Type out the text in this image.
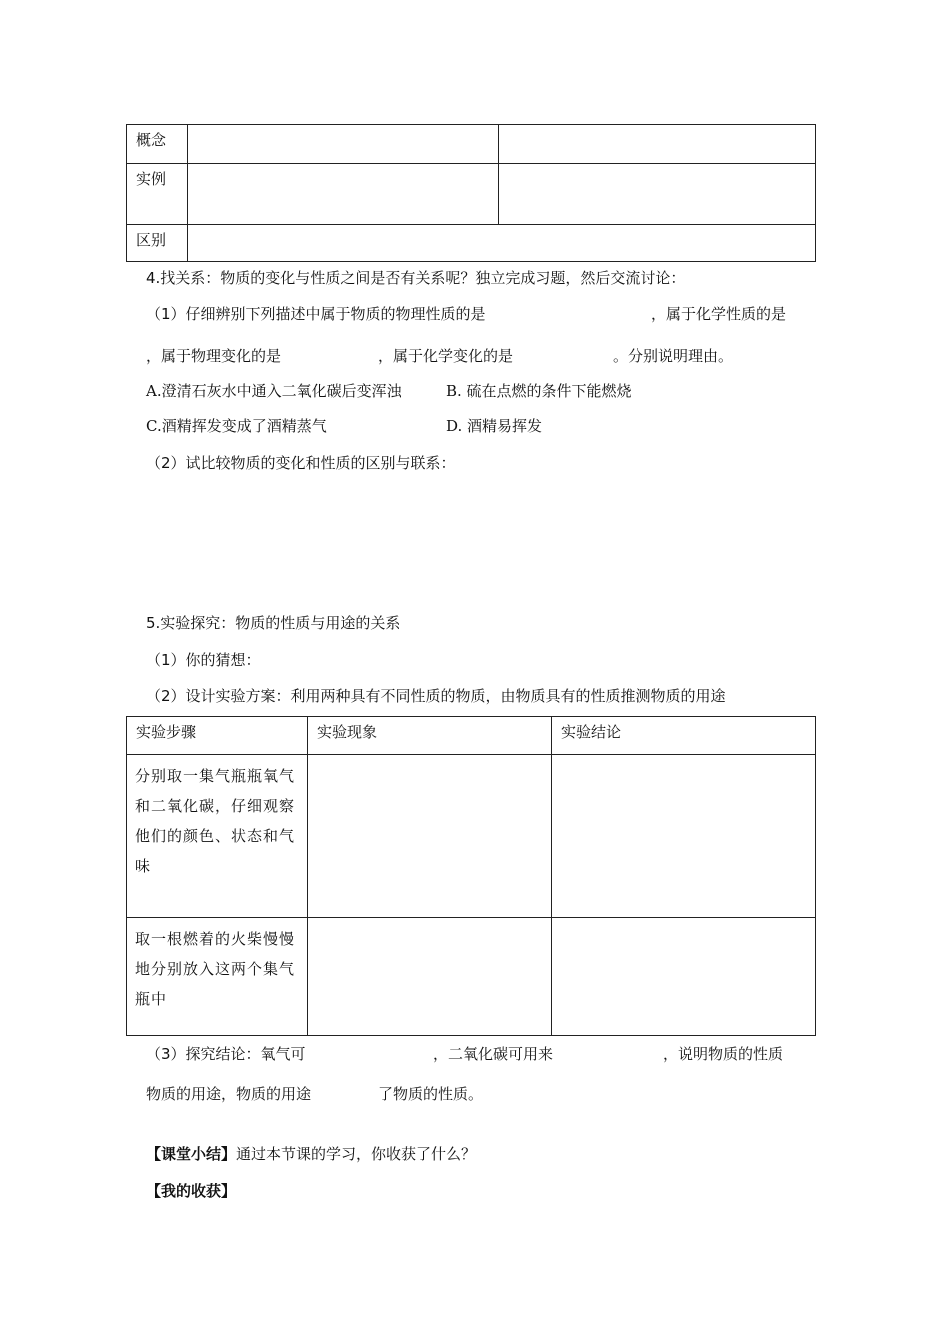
概念		

实例		

区别		

4.找关系：物质的变化与性质之间是否有关系呢？独立完成习题，然后交流讨论：
（1）仔细辨别下列描述中属于物质的物理性质的是	，属于化学性质的是
，属于物理变化的是	，属于化学变化的是	。分别说明理由。
A.澄清石灰水中通入二氧化碳后变浑浊	B. 硫在点燃的条件下能燃烧
C.酒精挥发变成了酒精蒸气	D. 酒精易挥发
（2）试比较物质的变化和性质的区别与联系：
5.实验探究：物质的性质与用途的关系
（1）你的猜想：
（2）设计实验方案：利用两种具有不同性质的物质，由物质具有的性质推测物质的用途
实验步骤	实验现象	实验结论

分别取一集气瓶瓶氧气和二氧化碳，仔细观察他们的颜色、状态和气味		

取一根燃着的火柴慢慢地分别放入这两个集气瓶中		

（3）探究结论：氧气可	，二氧化碳可用来	，说明物质的性质
物质的用途，物质的用途	了物质的性质。
【课堂小结】通过本节课的学习，你收获了什么？
【我的收获】
